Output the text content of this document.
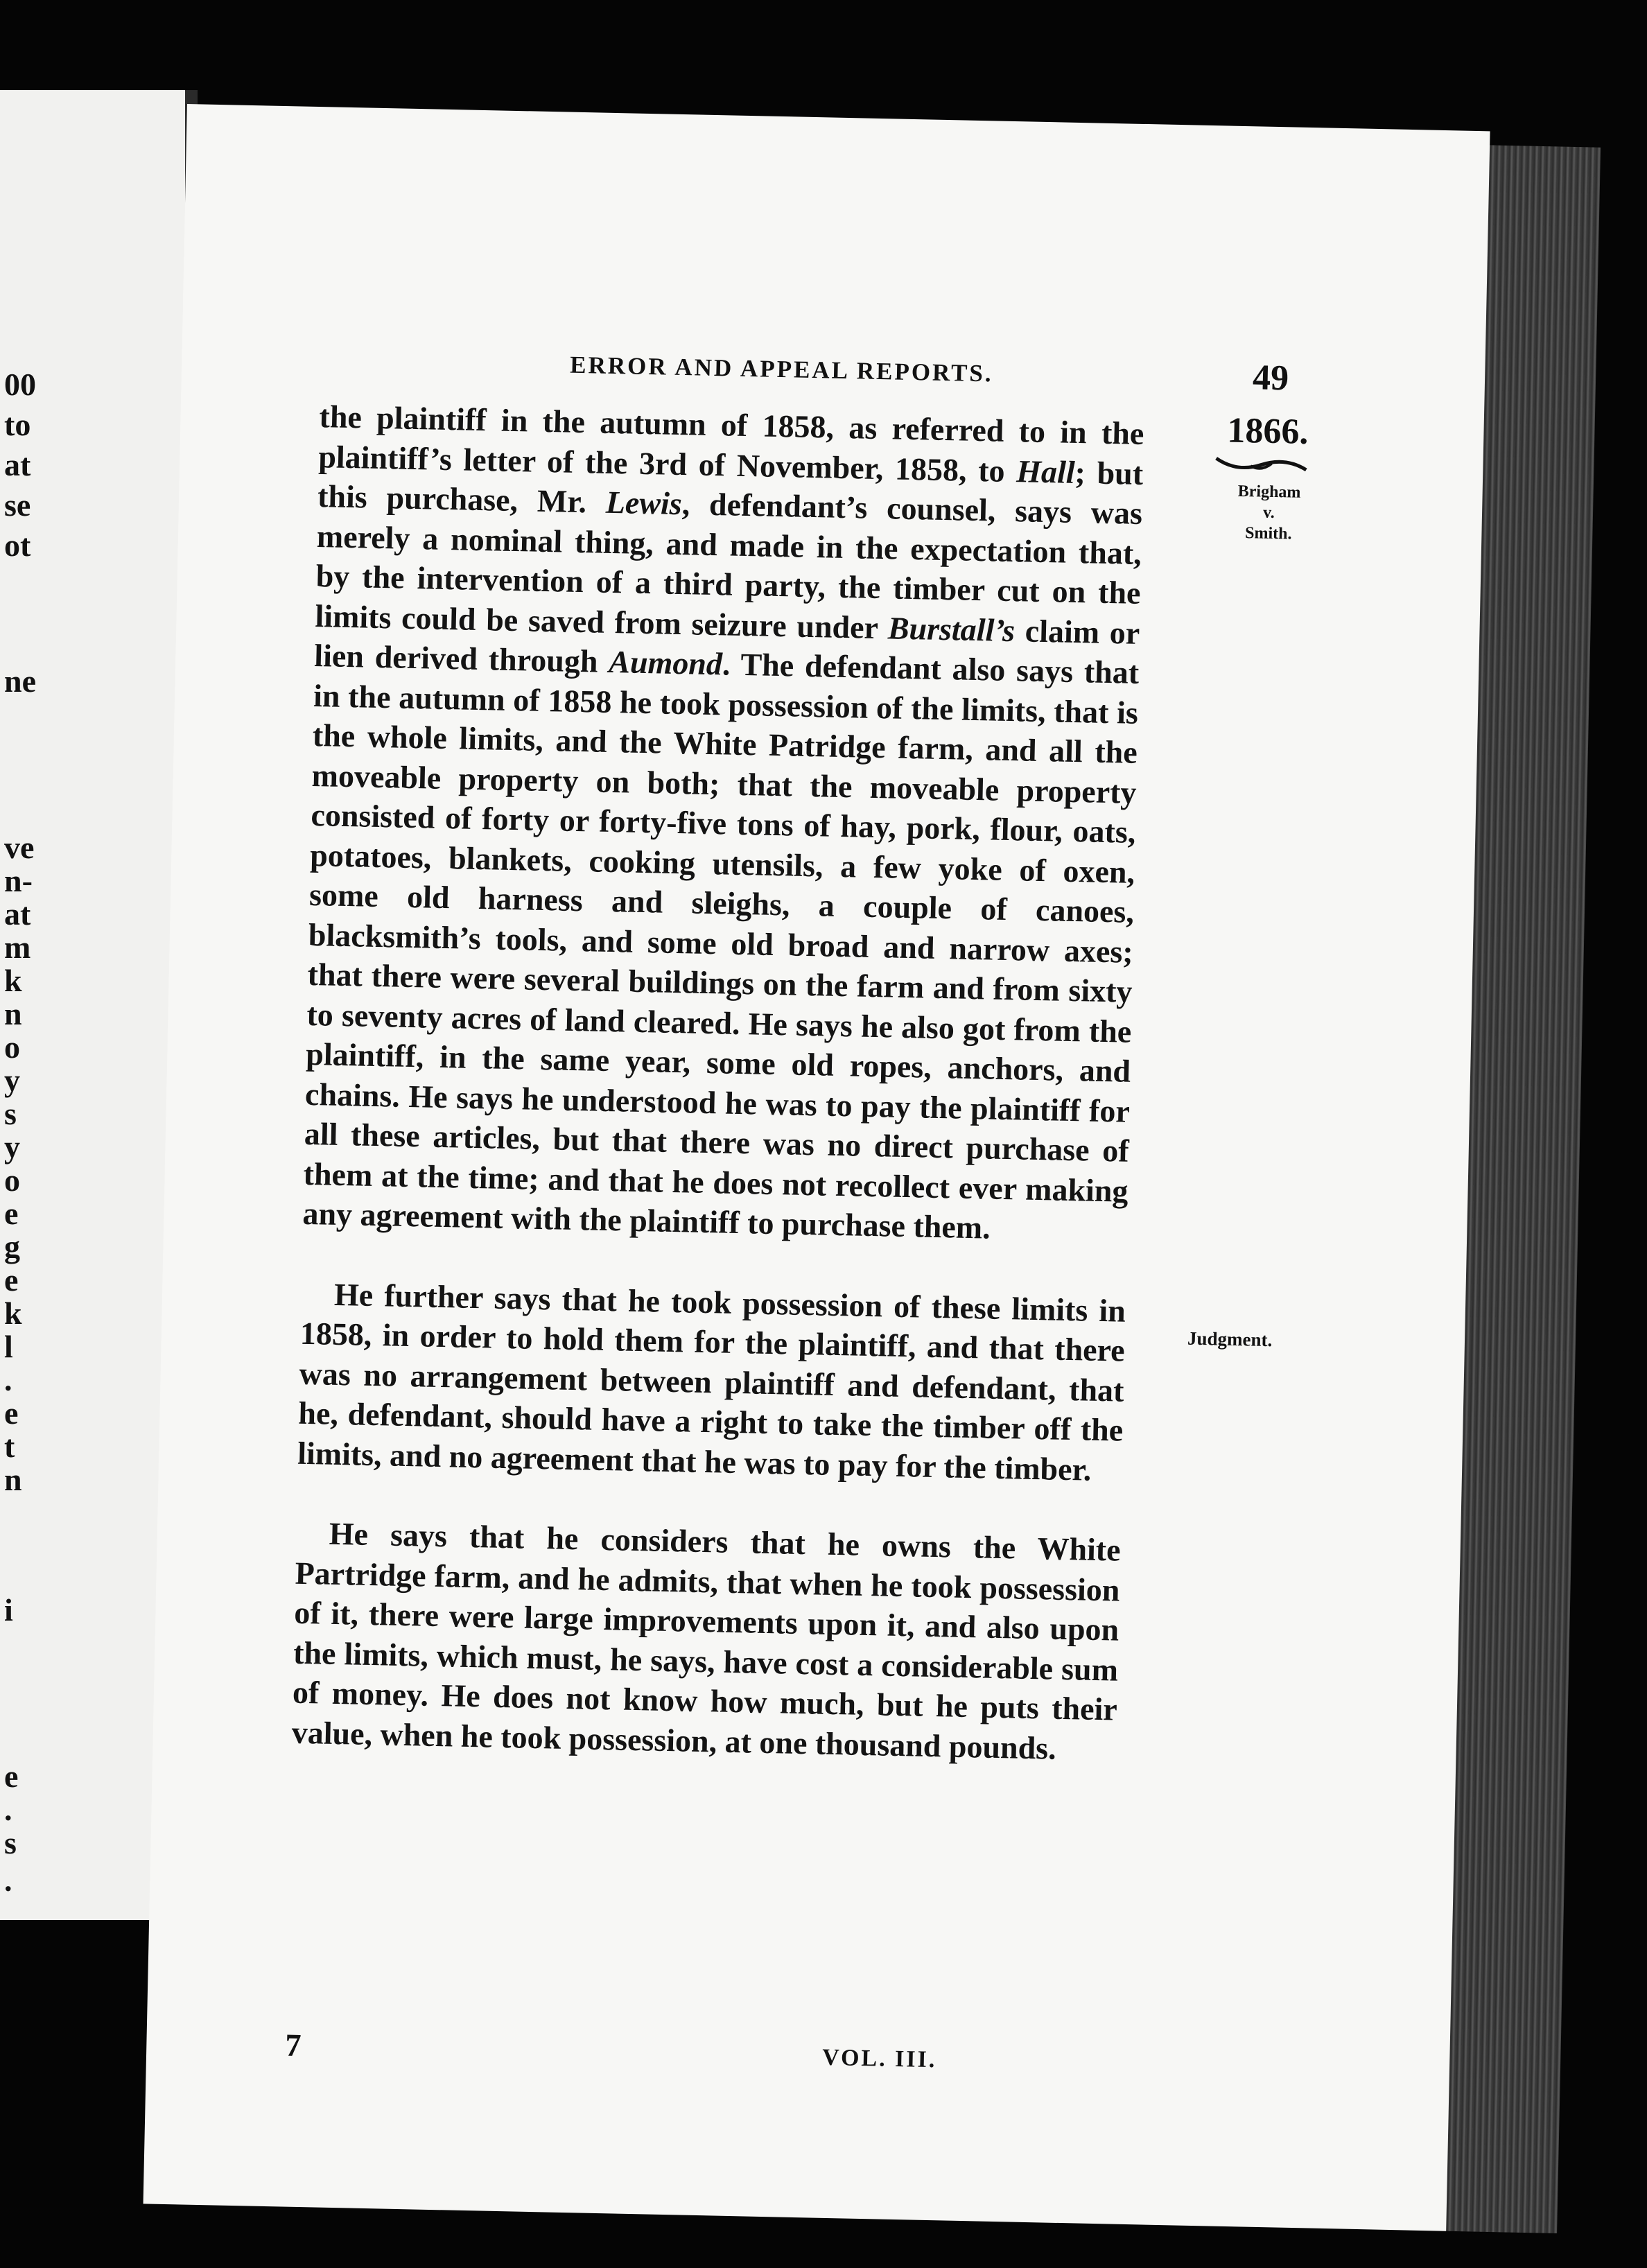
00
to
at
se
ot
ne
ve
n-
at
m
k
n
o
y
s
y
o
e
g
e
k
l
.
e
t
n
i
e
.
s
.
ERROR AND APPEAL REPORTS.	49
1866.
Brigham
v.
Smith.
Judgment.

the plaintiff in the autumn of 1858, as referred to in the plaintiff’s letter of the 3rd of November, 1858, to Hall; but this purchase, Mr. Lewis, defendant’s counsel, says was merely a nominal thing, and made in the expectation that, by the intervention of a third party, the timber cut on the limits could be saved from seizure under Burstall’s claim or lien derived through Aumond. The defendant also says that in the autumn of 1858 he took possession of the limits, that is the whole limits, and the White Patridge farm, and all the moveable property on both; that the moveable property consisted of forty or forty-five tons of hay, pork, flour, oats, potatoes, blankets, cooking utensils, a few yoke of oxen, some old harness and sleighs, a couple of canoes, blacksmith’s tools, and some old broad and narrow axes; that there were several buildings on the farm and from sixty to seventy acres of land cleared. He says he also got from the plaintiff, in the same year, some old ropes, anchors, and chains. He says he understood he was to pay the plaintiff for all these articles, but that there was no direct purchase of them at the time; and that he does not recollect ever making any agreement with the plaintiff to purchase them.

He further says that he took possession of these limits in 1858, in order to hold them for the plaintiff, and that there was no arrangement between plaintiff and defendant, that he, defendant, should have a right to take the timber off the limits, and no agreement that he was to pay for the timber.

He says that he considers that he owns the White Partridge farm, and he admits, that when he took possession of it, there were large improvements upon it, and also upon the limits, which must, he says, have cost a considerable sum of money. He does not know how much, but he puts their value, when he took possession, at one thousand pounds.

7	VOL. III.
